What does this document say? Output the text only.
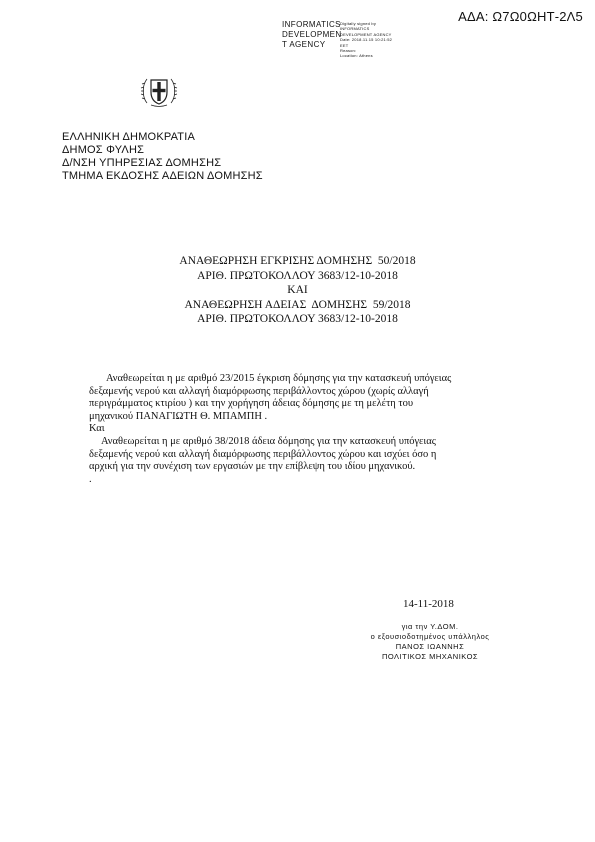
ΑΔΑ: Ω7Ω0ΩΗΤ-2Λ5
INFORMATICS
DEVELOPMEN
T AGENCY
Digitally signed by
INFORMATICS
DEVELOPMENT AGENCY
Date: 2018.11.15 10:21:52
EET
Reason:
Location: Athens
ΕΛΛΗΝΙΚΗ ΔΗΜΟΚΡΑΤΙΑ
ΔΗΜΟΣ ΦΥΛΗΣ
Δ/ΝΣΗ ΥΠΗΡΕΣΙΑΣ ΔΟΜΗΣΗΣ
ΤΜΗΜΑ ΕΚΔΟΣΗΣ ΑΔΕΙΩΝ ΔΟΜΗΣΗΣ
ΑΝΑΘΕΩΡΗΣΗ ΕΓΚΡΙΣΗΣ ΔΟΜΗΣΗΣ  50/2018
ΑΡΙΘ. ΠΡΩΤΟΚΟΛΛΟΥ 3683/12-10-2018
ΚΑΙ
ΑΝΑΘΕΩΡΗΣΗ ΑΔΕΙΑΣ  ΔΟΜΗΣΗΣ  59/2018
ΑΡΙΘ. ΠΡΩΤΟΚΟΛΛΟΥ 3683/12-10-2018
Αναθεωρείται η με αριθμό 23/2015 έγκριση δόμησης για την κατασκευή υπόγειας
δεξαμενής νερού και αλλαγή διαμόρφωσης περιβάλλοντος χώρου (χωρίς αλλαγή
περιγράμματος κτιρίου ) και την χορήγηση άδειας δόμησης με τη μελέτη του
μηχανικού ΠΑΝΑΓΙΩΤΗ Θ. ΜΠΑΜΠΗ .
Και
Αναθεωρείται η με αριθμό 38/2018 άδεια δόμησης για την κατασκευή υπόγειας
δεξαμενής νερού και αλλαγή διαμόρφωσης περιβάλλοντος χώρου και ισχύει όσο η
αρχική για την συνέχιση των εργασιών με την επίβλεψη του ιδίου μηχανικού.
.
14-11-2018
για την Υ.ΔΟΜ.
ο εξουσιοδοτημένος υπάλληλος
ΠΑΝΟΣ ΙΩΑΝΝΗΣ
ΠΟΛΙΤΙΚΟΣ ΜΗΧΑΝΙΚΟΣ
